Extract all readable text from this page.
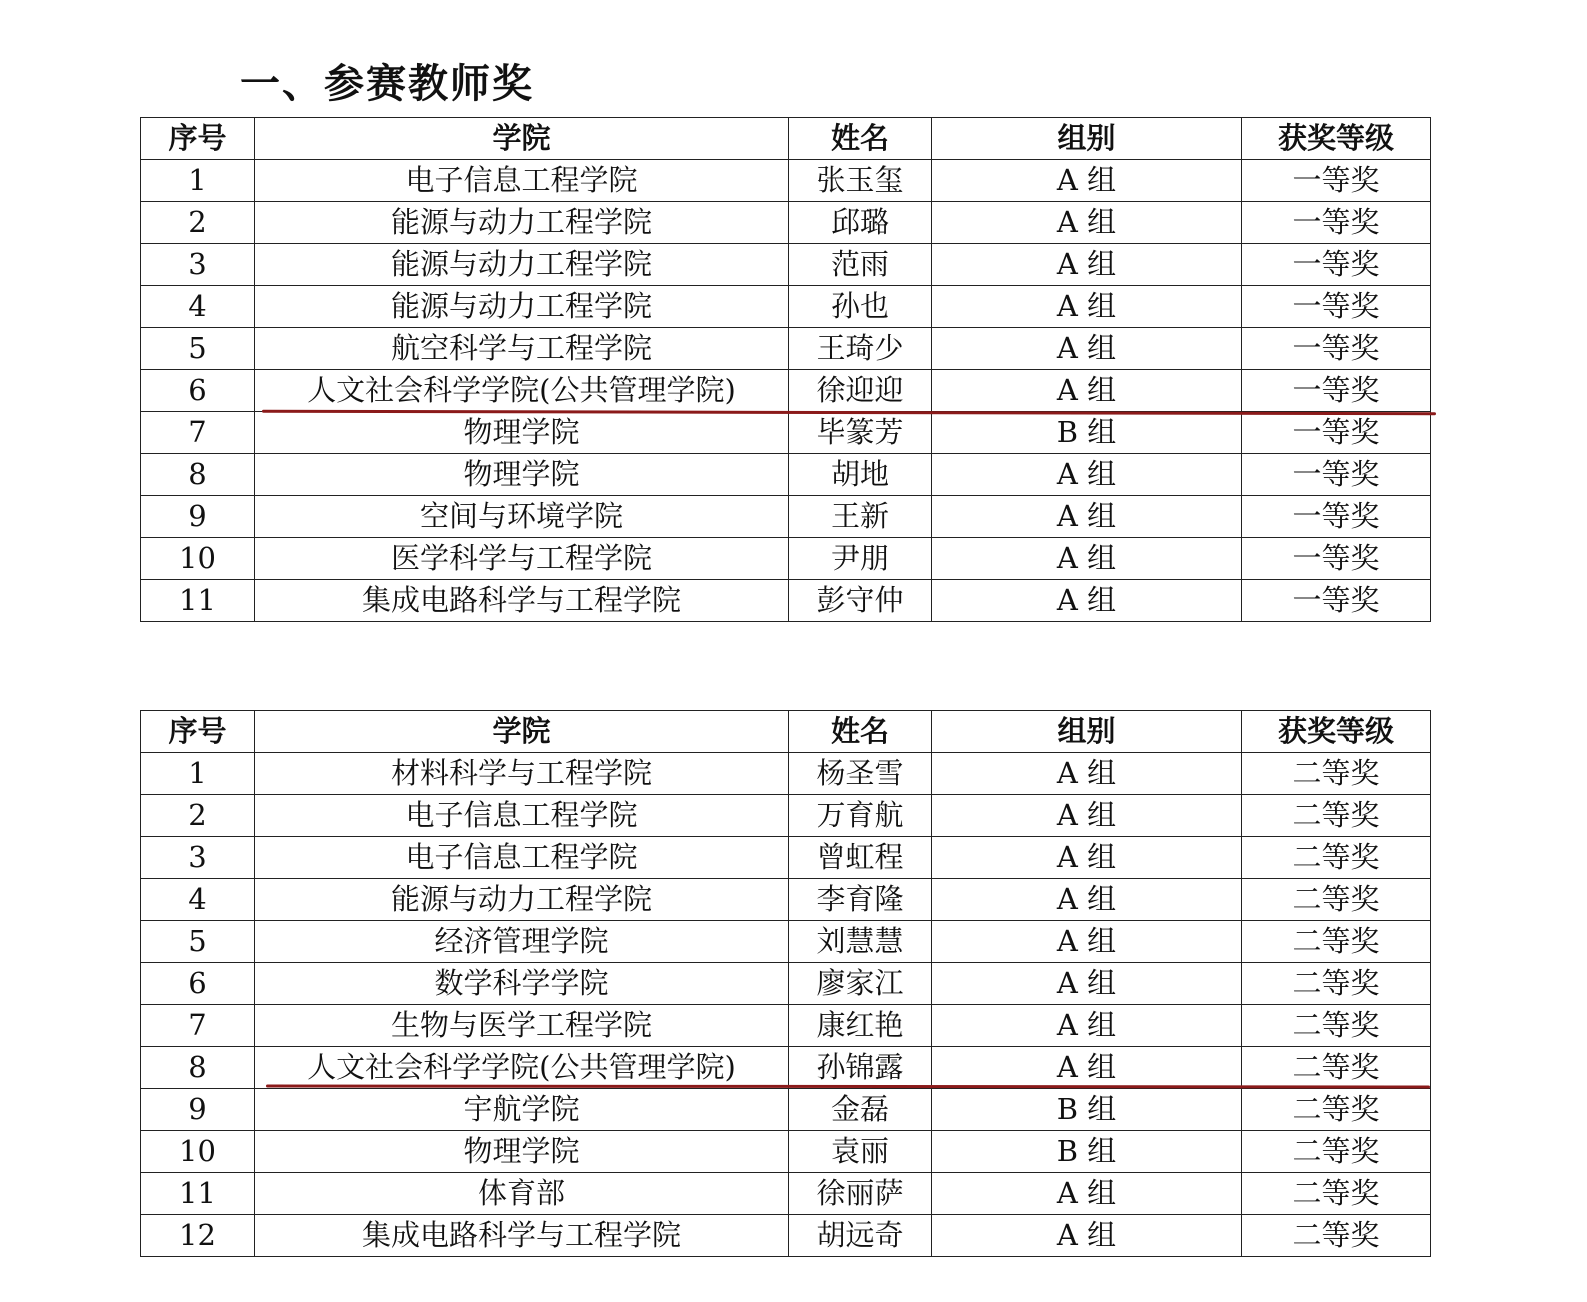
一、参赛教师奖
序号	学院	姓名	组别	获奖等级
1	电子信息工程学院	张玉玺	A 组	一等奖
2	能源与动力工程学院	邱璐	A 组	一等奖
3	能源与动力工程学院	范雨	A 组	一等奖
4	能源与动力工程学院	孙也	A 组	一等奖
5	航空科学与工程学院	王琦少	A 组	一等奖
6	人文社会科学学院(公共管理学院)	徐迎迎	A 组	一等奖
7	物理学院	毕篆芳	B 组	一等奖
8	物理学院	胡地	A 组	一等奖
9	空间与环境学院	王新	A 组	一等奖
10	医学科学与工程学院	尹朋	A 组	一等奖
11	集成电路科学与工程学院	彭守仲	A 组	一等奖
序号	学院	姓名	组别	获奖等级
1	材料科学与工程学院	杨圣雪	A 组	二等奖
2	电子信息工程学院	万育航	A 组	二等奖
3	电子信息工程学院	曾虹程	A 组	二等奖
4	能源与动力工程学院	李育隆	A 组	二等奖
5	经济管理学院	刘慧慧	A 组	二等奖
6	数学科学学院	廖家江	A 组	二等奖
7	生物与医学工程学院	康红艳	A 组	二等奖
8	人文社会科学学院(公共管理学院)	孙锦露	A 组	二等奖
9	宇航学院	金磊	B 组	二等奖
10	物理学院	袁丽	B 组	二等奖
11	体育部	徐丽萨	A 组	二等奖
12	集成电路科学与工程学院	胡远奇	A 组	二等奖
